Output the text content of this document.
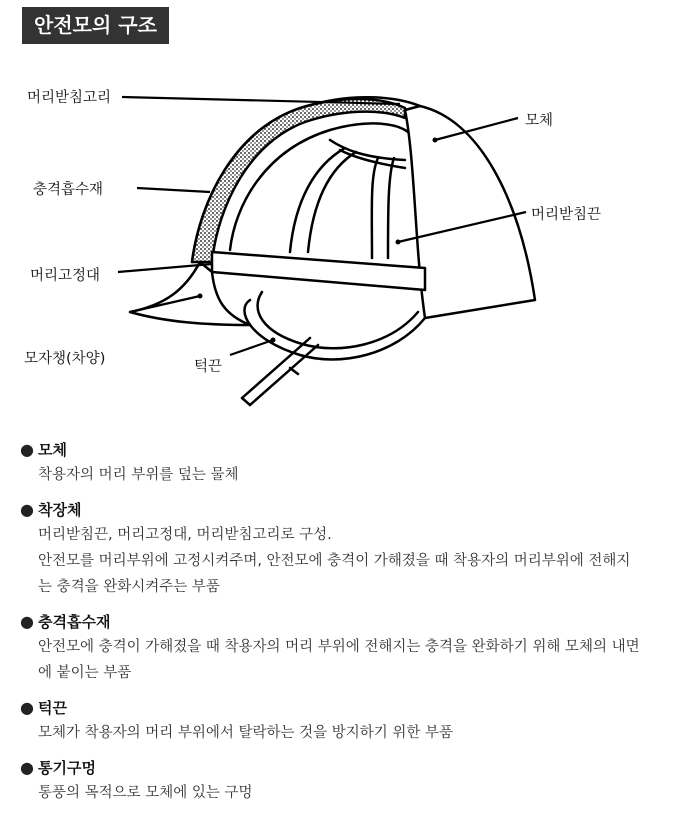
안전모의 구조
머리받침고리
충격흡수재
머리고정대
모자챙(차양)	턱끈
모체
머리받침끈
● 모체
착용자의 머리 부위를 덮는 물체
● 착장체
머리받침끈, 머리고정대, 머리받침고리로 구성.
안전모를 머리부위에 고정시켜주며, 안전모에 충격이 가해졌을 때 착용자의 머리부위에 전해지
는 충격을 완화시켜주는 부품
● 충격흡수재
안전모에 충격이 가해졌을 때 착용자의 머리 부위에 전해지는 충격을 완화하기 위해 모체의 내면
에 붙이는 부품
● 턱끈
모체가 착용자의 머리 부위에서 탈락하는 것을 방지하기 위한 부품
● 통기구멍
통풍의 목적으로 모체에 있는 구멍
